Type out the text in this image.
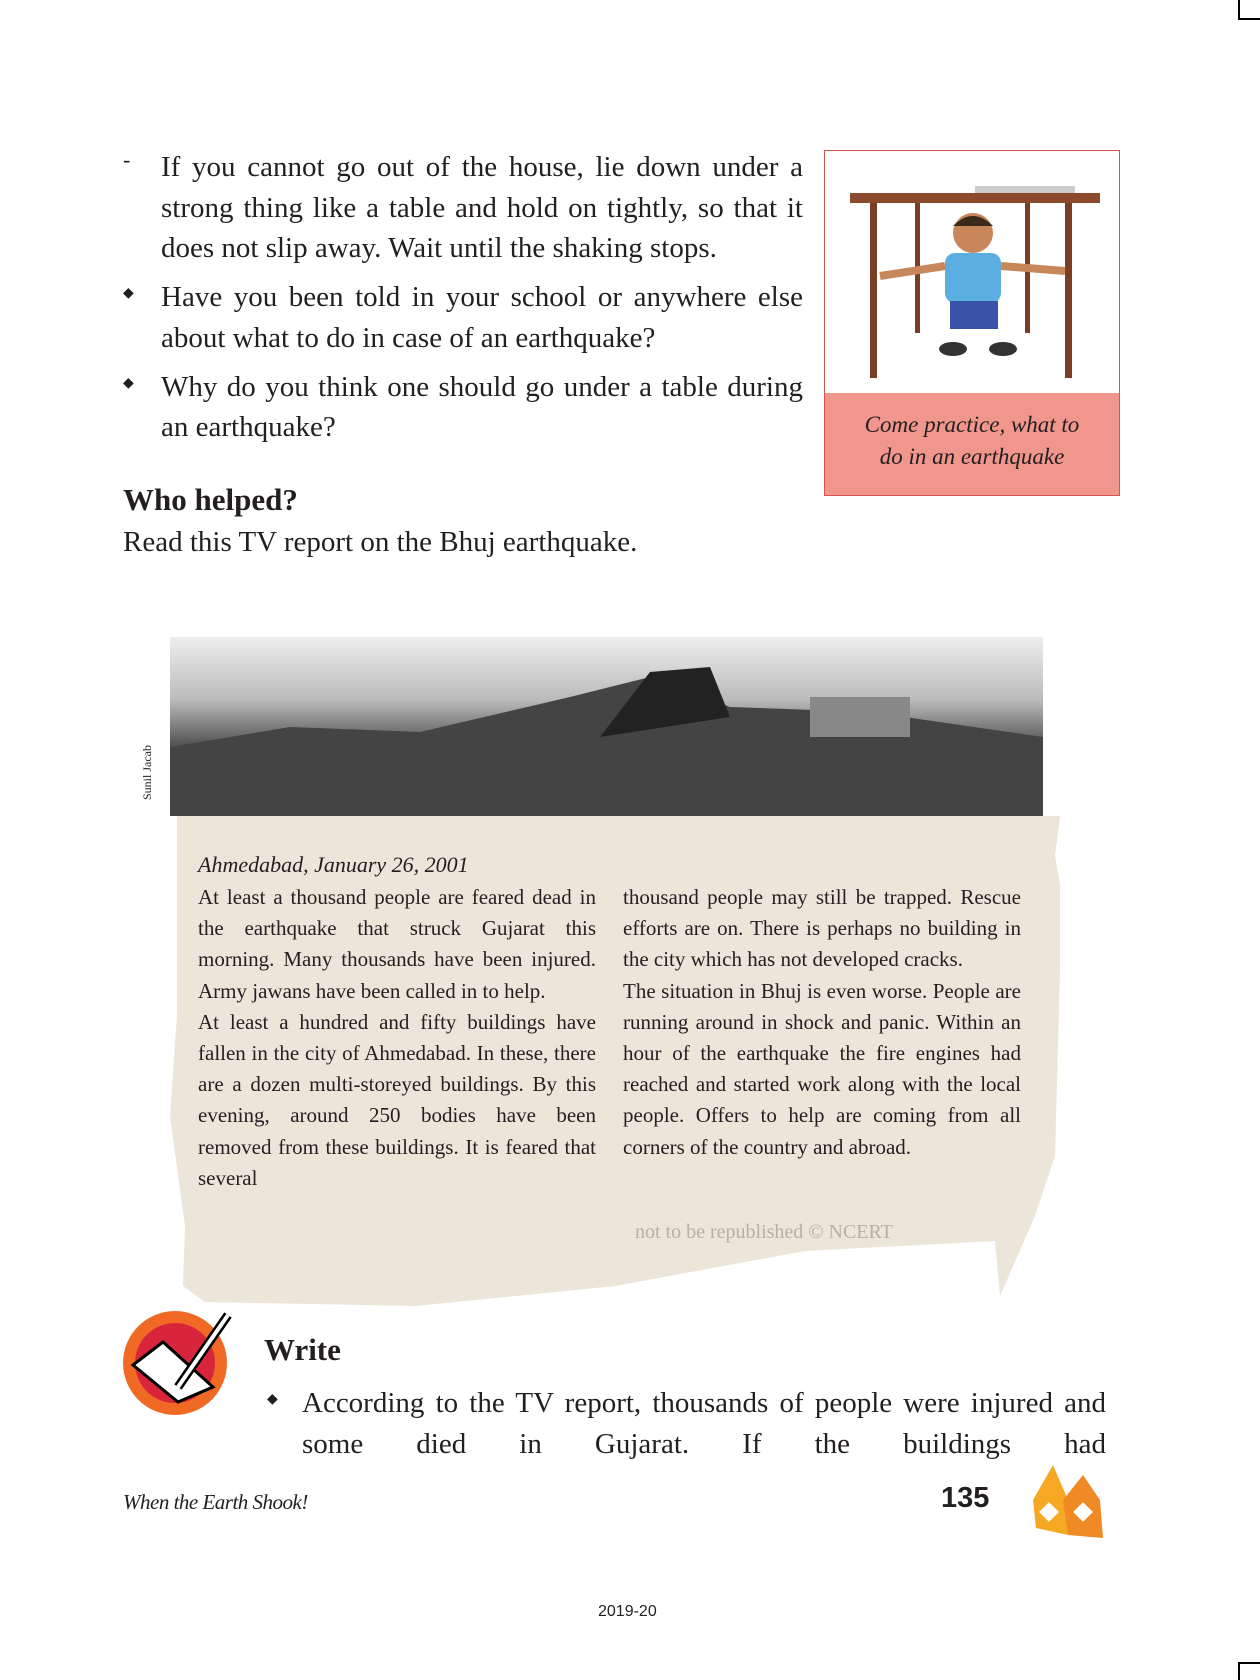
- If you cannot go out of the house, lie down under a strong thing like a table and hold on tightly, so that it does not slip away. Wait until the shaking stops.
◆ Have you been told in your school or anywhere else about what to do in case of an earthquake?
◆ Why do you think one should go under a table during an earthquake?
Who helped?
Read this TV report on the Bhuj earthquake.
Come practice, what to
do in an earthquake
Sunil Jacab
Ahmedabad, January 26, 2001

At least a thousand people are feared dead in the earthquake that struck Gujarat this morning. Many thousands have been injured. Army jawans have been called in to help.

At least a hundred and fifty buildings have fallen in the city of Ahmedabad. In these, there are a dozen multi-storeyed buildings. By this evening, around 250 bodies have been removed from these buildings. It is feared that several

thousand people may still be trapped. Rescue efforts are on. There is perhaps no building in the city which has not developed cracks.

The situation in Bhuj is even worse. People are running around in shock and panic. Within an hour of the earthquake the fire engines had reached and started work along with the local people. Offers to help are coming from all corners of the country and abroad.

not to be republished © NCERT
Write
◆ According to the TV report, thousands of people were injured and some died in Gujarat. If the buildings had
When the Earth Shook!	135
2019-20
